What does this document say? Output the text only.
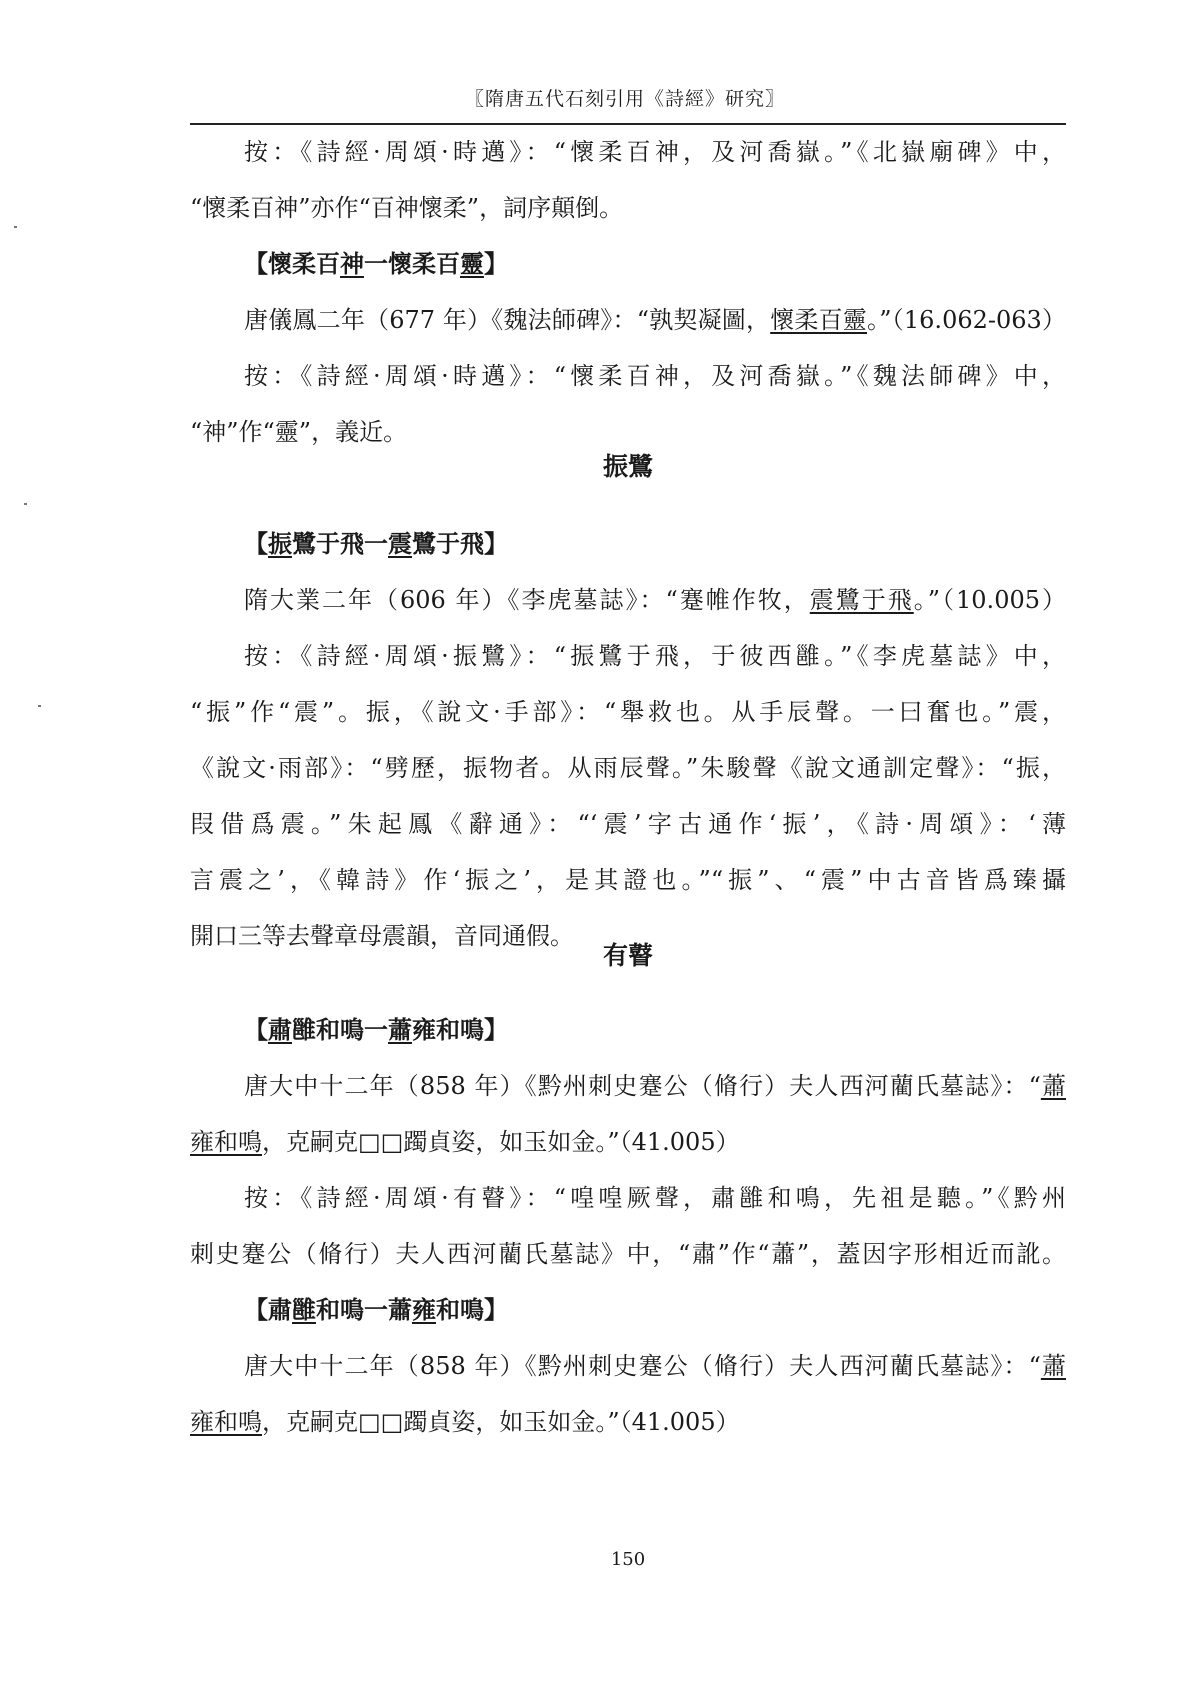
〖隋唐五代石刻引用《詩經》研究〗
按：《詩經·周頌·時邁》：“懷柔百神，及河喬嶽。”《北嶽廟碑》中，
“懷柔百神”亦作“百神懷柔”，詞序顛倒。
【懷柔百神一懷柔百靈】
唐儀鳳二年（677 年）《魏法師碑》：“孰契凝圖，懷柔百靈。”（16.062-063）
按：《詩經·周頌·時邁》：“懷柔百神，及河喬嶽。”《魏法師碑》中，
“神”作“靈”，義近。
振鷺
【振鷺于飛一震鷺于飛】
隋大業二年（606 年）《李虎墓誌》：“蹇帷作牧，震鷺于飛。”（10.005）
按：《詩經·周頌·振鷺》：“振鷺于飛，于彼西雝。”《李虎墓誌》中，
“振”作“震”。振，《說文·手部》：“舉救也。从手辰聲。一曰奮也。”震，
《說文·雨部》：“劈歷，振物者。从雨辰聲。”朱駿聲《說文通訓定聲》：“振，
叚借爲震。”朱起鳳《辭通》：“‘震’字古通作‘振’，《詩·周頌》：‘薄
言震之’，《韓詩》作‘振之’，是其證也。”“振”、“震”中古音皆爲臻攝
開口三等去聲章母震韻，音同通假。
有瞽
【肅雝和鳴一蕭雍和鳴】
唐大中十二年（858 年）《黔州刺史蹇公（脩行）夫人西河藺氏墓誌》：“蕭
雍和鳴，克嗣克□□躅貞姿，如玉如金。”（41.005）
按：《詩經·周頌·有瞽》：“喤喤厥聲，肅雝和鳴，先祖是聽。”《黔州
刺史蹇公（脩行）夫人西河藺氏墓誌》中，“肅”作“蕭”，蓋因字形相近而訛。
【肅雝和鳴一蕭雍和鳴】
唐大中十二年（858 年）《黔州刺史蹇公（脩行）夫人西河藺氏墓誌》：“蕭
雍和鳴，克嗣克□□躅貞姿，如玉如金。”（41.005）
150
